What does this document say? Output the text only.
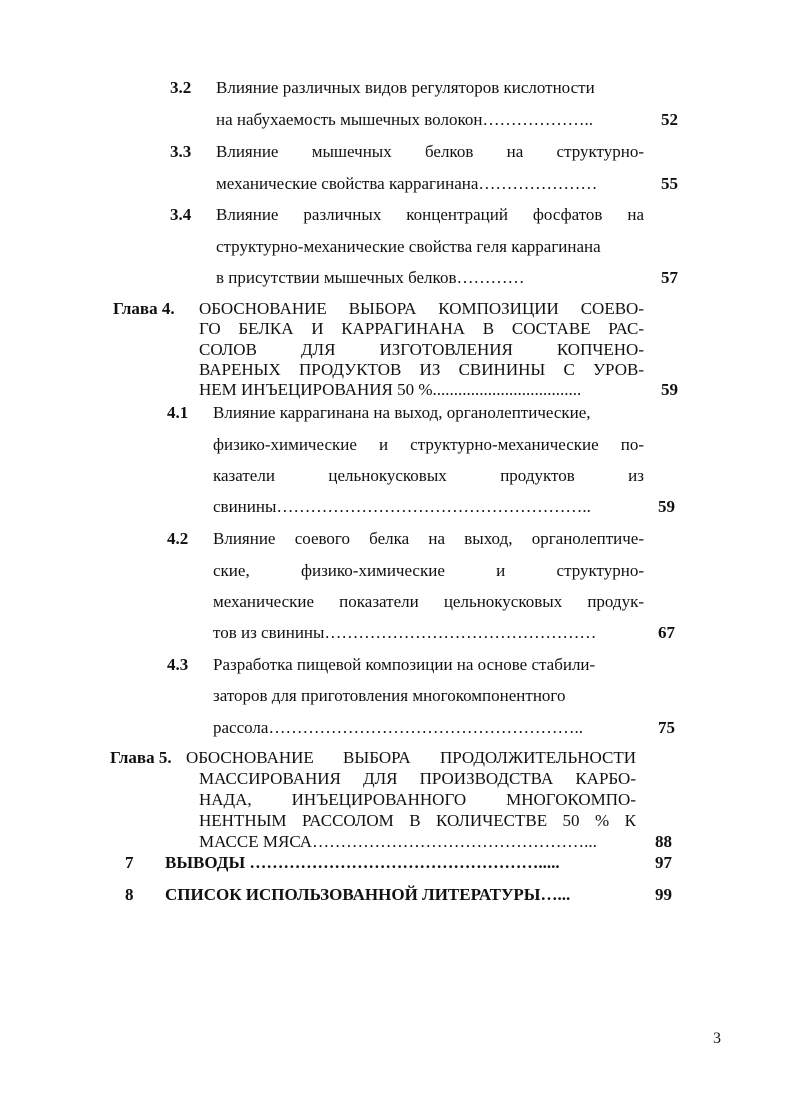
3.2 Влияние различных видов регуляторов кислотности
на набухаемость мышечных волокон………………..	52
3.3 Влияние мышечных белков на структурно-
механические свойства каррагинана…………………	55
3.4 Влияние различных концентраций фосфатов на
структурно-механические свойства геля каррагинана
в присутствии мышечных белков…………	57
Глава 4. ОБОСНОВАНИЕ ВЫБОРА КОМПОЗИЦИИ СОЕВО-
ГО БЕЛКА И КАРРАГИНАНА В СОСТАВЕ РАС-
СОЛОВ ДЛЯ ИЗГОТОВЛЕНИЯ КОПЧЕНО-
ВАРЕНЫХ ПРОДУКТОВ ИЗ СВИНИНЫ С УРОВ-
НЕМ ИНЪЕЦИРОВАНИЯ 50 %...................................	59
4.1 Влияние каррагинана на выход, органолептические,
физико-химические и структурно-механические по-
казатели цельнокусковых продуктов из
свинины………………………………………………..	59
4.2 Влияние соевого белка на выход, органолептиче-
ские, физико-химические и структурно-
механические показатели цельнокусковых продук-
тов из свинины…………………………………………	67
4.3 Разработка пищевой композиции на основе стабили-
заторов для приготовления многокомпонентного
рассола………………………………………………..	75
Глава 5. ОБОСНОВАНИЕ ВЫБОРА ПРОДОЛЖИТЕЛЬНОСТИ
МАССИРОВАНИЯ ДЛЯ ПРОИЗВОДСТВА КАРБО-
НАДА, ИНЪЕЦИРОВАННОГО МНОГОКОМПО-
НЕНТНЫМ РАССОЛОМ В КОЛИЧЕСТВЕ 50 % К
МАССЕ МЯСА…………………………………………...	88
7 ВЫВОДЫ …………………………………………….....	97
8 СПИСОК ИСПОЛЬЗОВАННОЙ ЛИТЕРАТУРЫ…...	99
3
